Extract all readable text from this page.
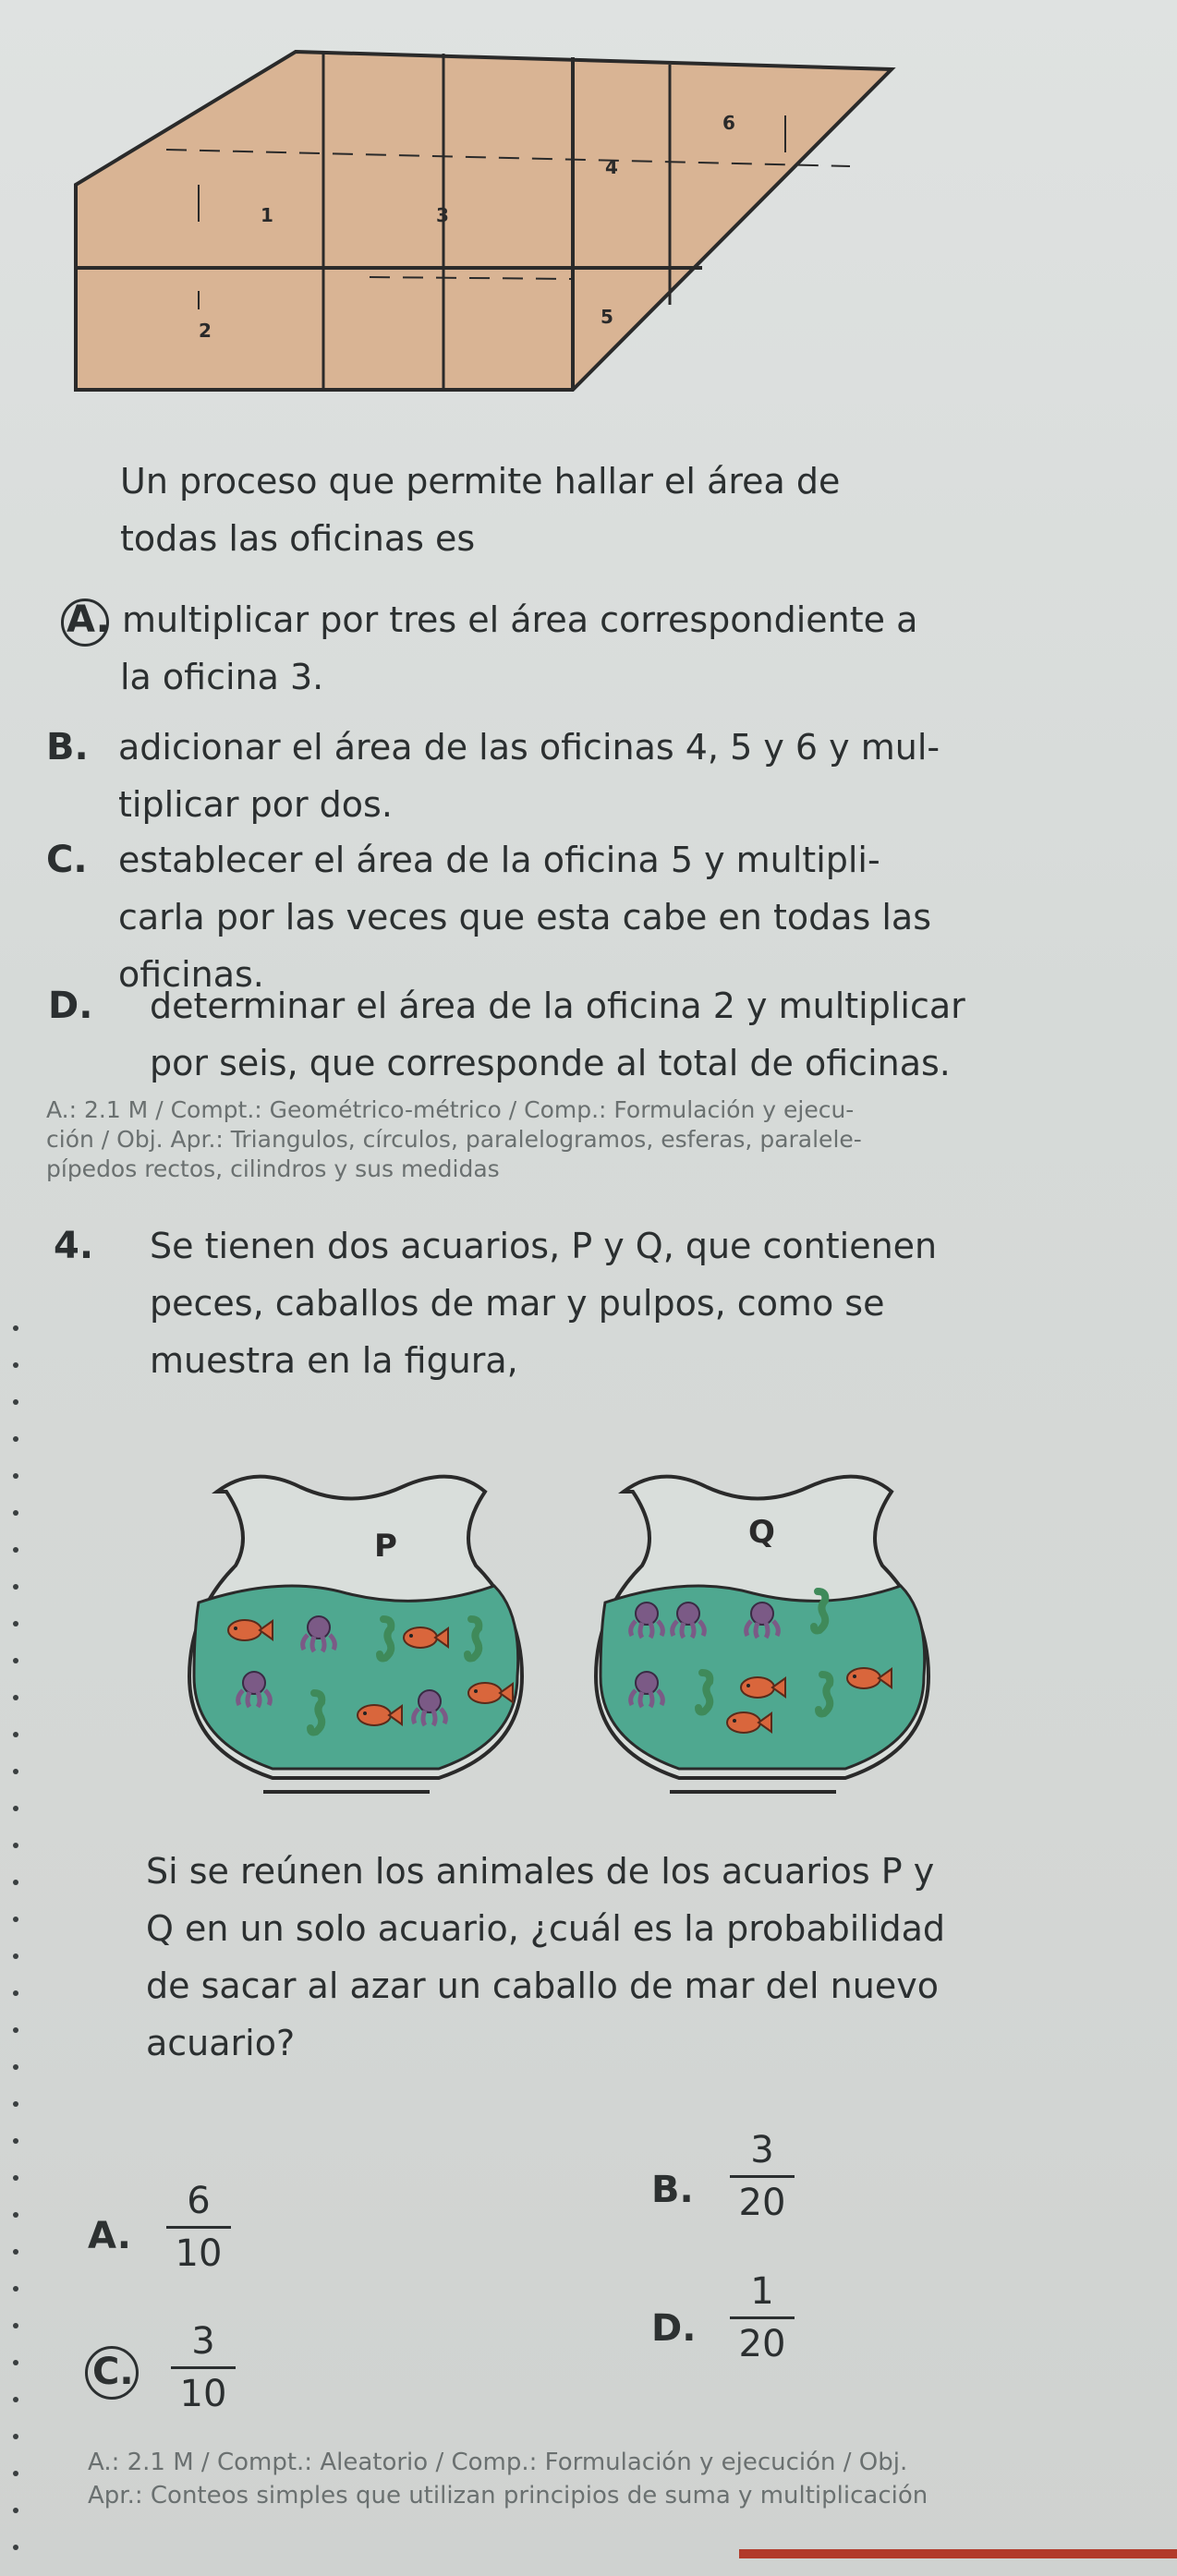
1
2
3
4
5
6
Un proceso que permite hallar el área de
todas las oficinas es
A. multiplicar por tres el área correspondiente a
la oficina 3.
B. adicionar el área de las oficinas 4, 5 y 6 y mul-
tiplicar por dos.
C. establecer el área de la oficina 5 y multipli-
carla por las veces que esta cabe en todas las
oficinas.
D. determinar el área de la oficina 2 y multiplicar
por seis, que corresponde al total de oficinas.
A.: 2.1 M / Compt.: Geométrico-métrico / Comp.: Formulación y ejecu-
ción / Obj. Apr.: Triangulos, círculos, paralelogramos, esferas, paralele-
pípedos rectos, cilindros y sus medidas
4. Se tienen dos acuarios, P y Q, que contienen
peces, caballos de mar y pulpos, como se
muestra en la figura,
P	Q
Si se reúnen los animales de los acuarios P y
Q en un solo acuario, ¿cuál es la probabilidad
de sacar al azar un caballo de mar del nuevo
acuario?
A.
6
10
B.
3
20
C.
3
10
D.
1
20
A.: 2.1 M / Compt.: Aleatorio / Comp.: Formulación y ejecución / Obj.
Apr.: Conteos simples que utilizan principios de suma y multiplicación
